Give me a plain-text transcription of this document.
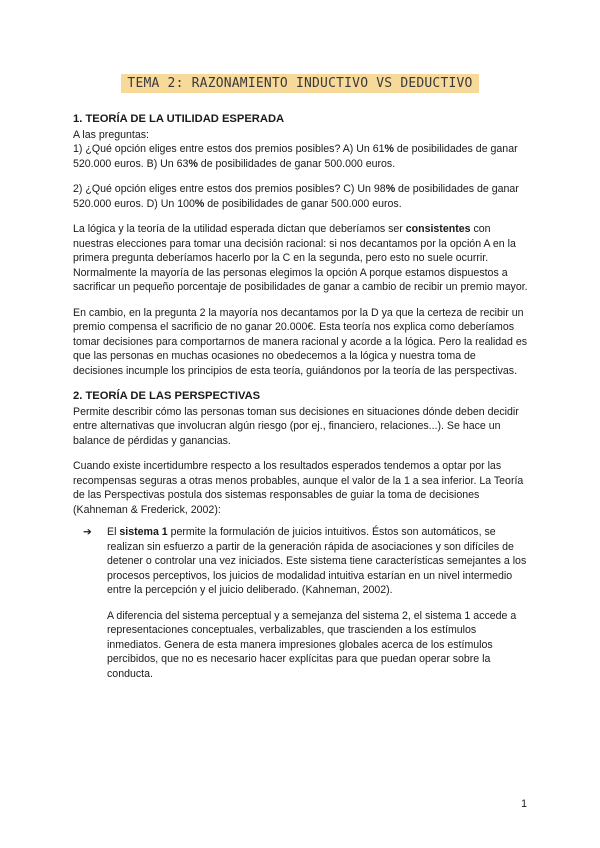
TEMA 2: RAZONAMIENTO INDUCTIVO VS DEDUCTIVO
1. TEORÍA DE LA UTILIDAD ESPERADA

A las preguntas:

1) ¿Qué opción eliges entre estos dos premios posibles? A) Un 61% de posibilidades de ganar 520.000 euros. B) Un 63% de posibilidades de ganar 500.000 euros.

2) ¿Qué opción eliges entre estos dos premios posibles? C) Un 98% de posibilidades de ganar 520.000 euros. D) Un 100% de posibilidades de ganar 500.000 euros.

La lógica y la teoría de la utilidad esperada dictan que deberíamos ser consistentes con nuestras elecciones para tomar una decisión racional: si nos decantamos por la opción A en la primera pregunta deberíamos hacerlo por la C en la segunda, pero esto no suele ocurrir. Normalmente la mayoría de las personas elegimos la opción A porque estamos dispuestos a sacrificar un pequeño porcentaje de posibilidades de ganar a cambio de recibir un premio mayor.

En cambio, en la pregunta 2 la mayoría nos decantamos por la D ya que la certeza de recibir un premio compensa el sacrificio de no ganar 20.000€. Esta teoría nos explica como deberíamos tomar decisiones para comportarnos de manera racional y acorde a la lógica. Pero la realidad es que las personas en muchas ocasiones no obedecemos a la lógica y nuestra toma de decisiones incumple los principios de esta teoría, guiándonos por la teoría de las perspectivas.

2. TEORÍA DE LAS PERSPECTIVAS

Permite describir cómo las personas toman sus decisiones en situaciones dónde deben decidir entre alternativas que involucran algún riesgo (por ej., financiero, relaciones...). Se hace un balance de pérdidas y ganancias.

Cuando existe incertidumbre respecto a los resultados esperados tendemos a optar por las recompensas seguras a otras menos probables, aunque el valor de la 1 a sea inferior. La Teoría de las Perspectivas postula dos sistemas responsables de guiar la toma de decisiones (Kahneman & Frederick, 2002):

➔ El sistema 1 permite la formulación de juicios intuitivos. Éstos son automáticos, se realizan sin esfuerzo a partir de la generación rápida de asociaciones y son difíciles de detener o controlar una vez iniciados. Este sistema tiene características semejantes a los procesos perceptivos, los juicios de modalidad intuitiva estarían en un nivel intermedio entre la percepción y el juicio deliberado. (Kahneman, 2002).

A diferencia del sistema perceptual y a semejanza del sistema 2, el sistema 1 accede a representaciones conceptuales, verbalizables, que trascienden a los estímulos inmediatos. Genera de esta manera impresiones globales acerca de los estímulos percibidos, que no es necesario hacer explícitas para que puedan operar sobre la conducta.

1
